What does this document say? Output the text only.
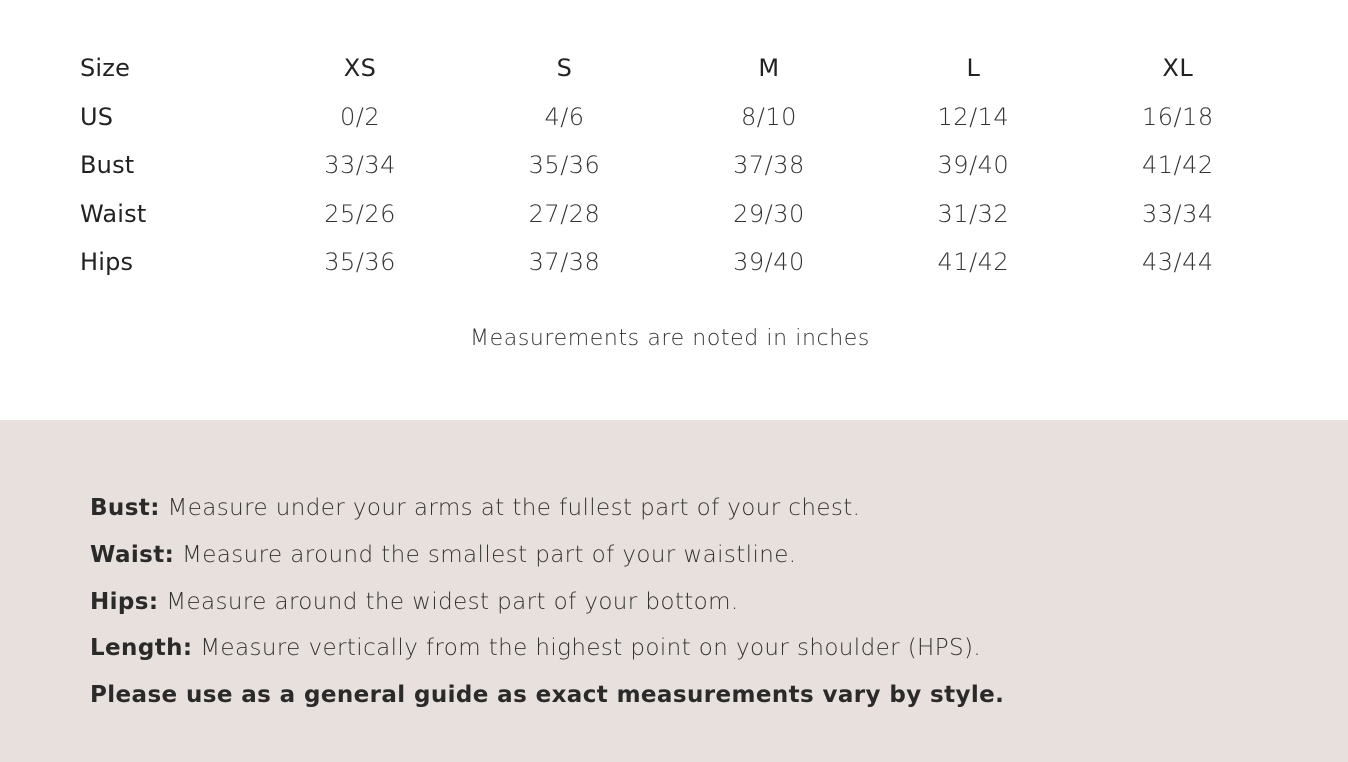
Size	XS	S	M	L	XL
US	0/2	4/6	8/10	12/14	16/18
Bust	33/34	35/36	37/38	39/40	41/42
Waist	25/26	27/28	29/30	31/32	33/34
Hips	35/36	37/38	39/40	41/42	43/44
Measurements are noted in inches
Bust: Measure under your arms at the fullest part of your chest.
Waist: Measure around the smallest part of your waistline.
Hips: Measure around the widest part of your bottom.
Length: Measure vertically from the highest point on your shoulder (HPS).
Please use as a general guide as exact measurements vary by style.
